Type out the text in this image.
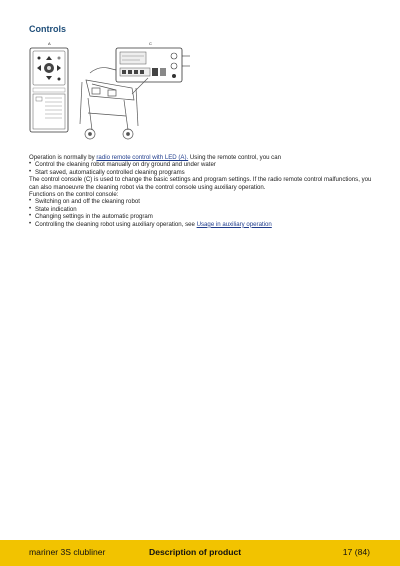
Controls
A	C

Operation is normally by radio remote control with LED (A). Using the remote control, you can

• Control the cleaning robot manually on dry ground and under water
• Start saved, automatically controlled cleaning programs

The control console (C) is used to change the basic settings and program settings. If the radio remote control malfunctions, you can also manoeuvre the cleaning robot via the control console using auxiliary operation.

Functions on the control console:

• Switching on and off the cleaning robot
• State indication
• Changing settings in the automatic program
• Controlling the cleaning robot using auxiliary operation, see Usage in auxiliary operation
mariner 3S clubliner	Description of product	17 (84)
